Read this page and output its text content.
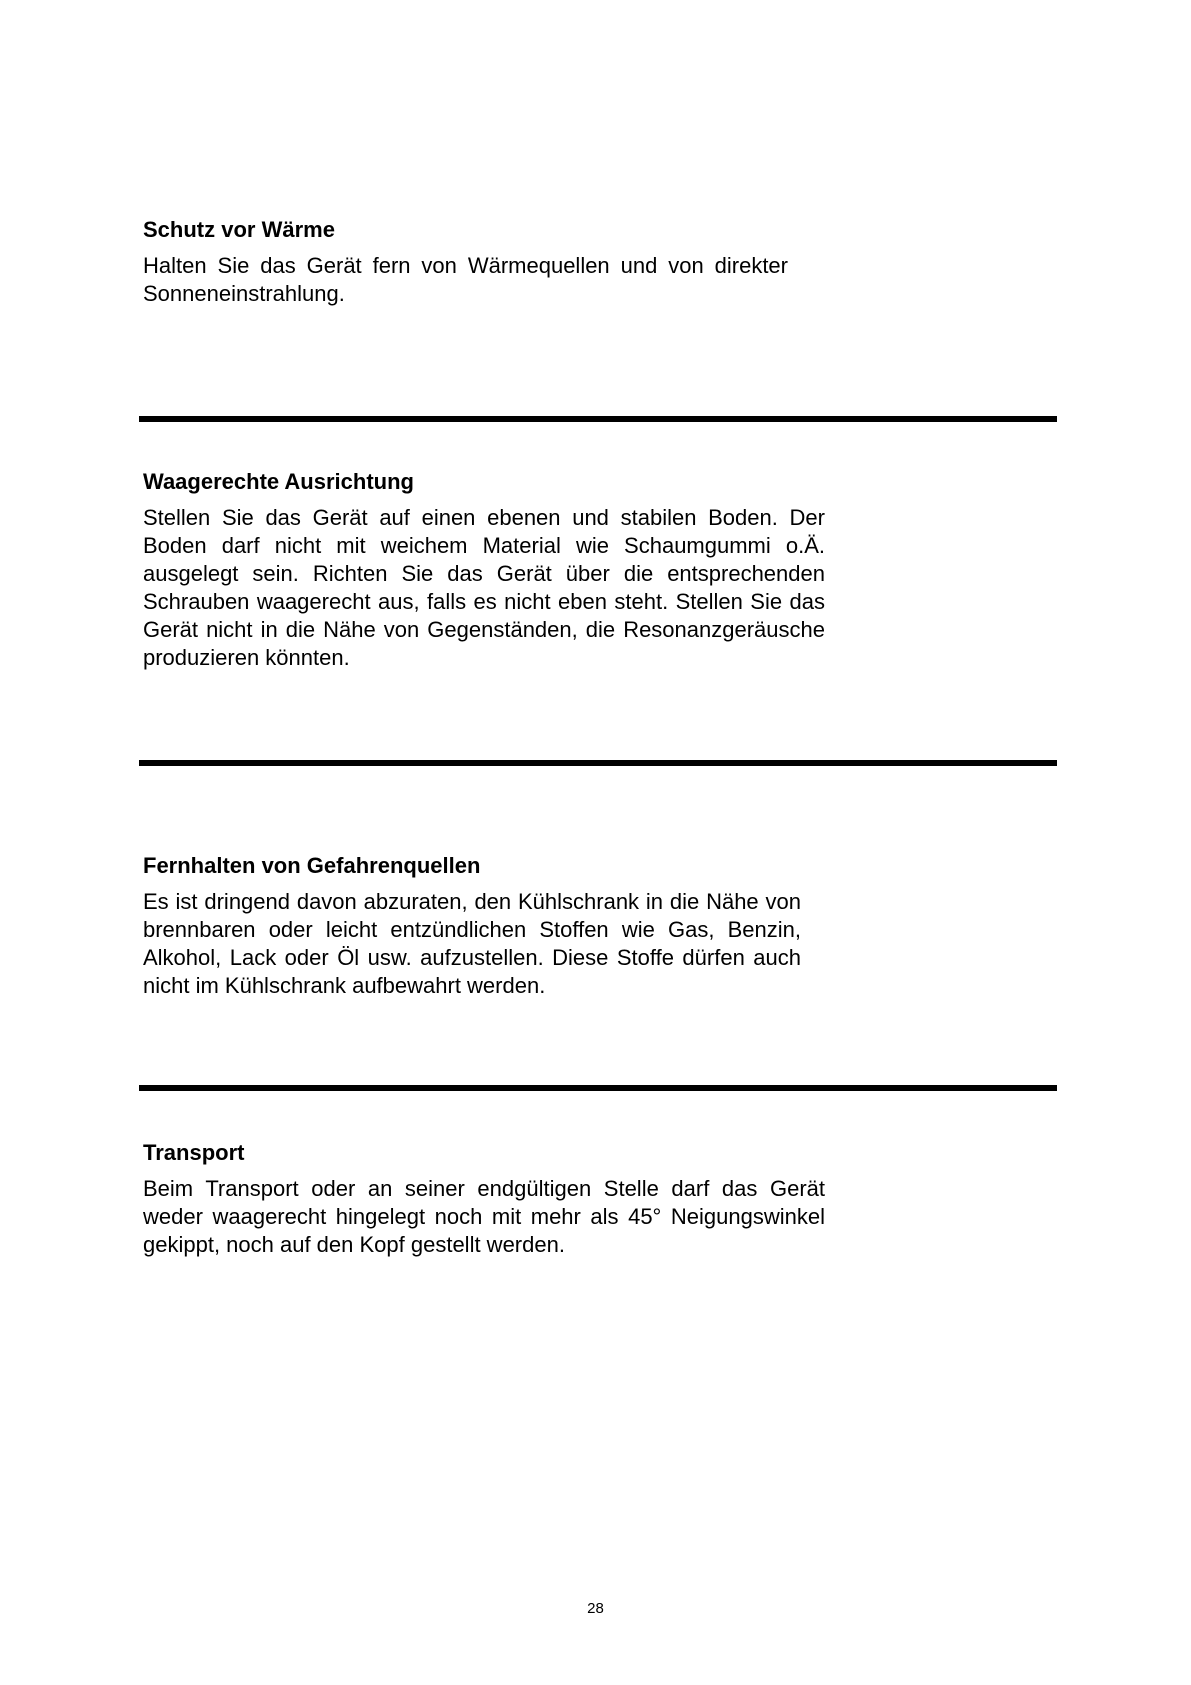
Schutz vor Wärme

Halten Sie das Gerät fern von Wärmequellen und von direkter Sonneneinstrahlung.

Waagerechte Ausrichtung

Stellen Sie das Gerät auf einen ebenen und stabilen Boden. Der Boden darf nicht mit weichem Material wie Schaumgummi o.Ä. ausgelegt sein. Richten Sie das Gerät über die entsprechenden Schrauben waagerecht aus, falls es nicht eben steht. Stellen Sie das Gerät nicht in die Nähe von Gegenständen, die Resonanzgeräusche produzieren könnten.

Fernhalten von Gefahrenquellen

Es ist dringend davon abzuraten, den Kühlschrank in die Nähe von brennbaren oder leicht entzündlichen Stoffen wie Gas, Benzin, Alkohol, Lack oder Öl usw. aufzustellen. Diese Stoffe dürfen auch nicht im Kühlschrank aufbewahrt werden.

Transport

Beim Transport oder an seiner endgültigen Stelle darf das Gerät weder waagerecht hingelegt noch mit mehr als 45° Neigungswinkel gekippt, noch auf den Kopf gestellt werden.

28
